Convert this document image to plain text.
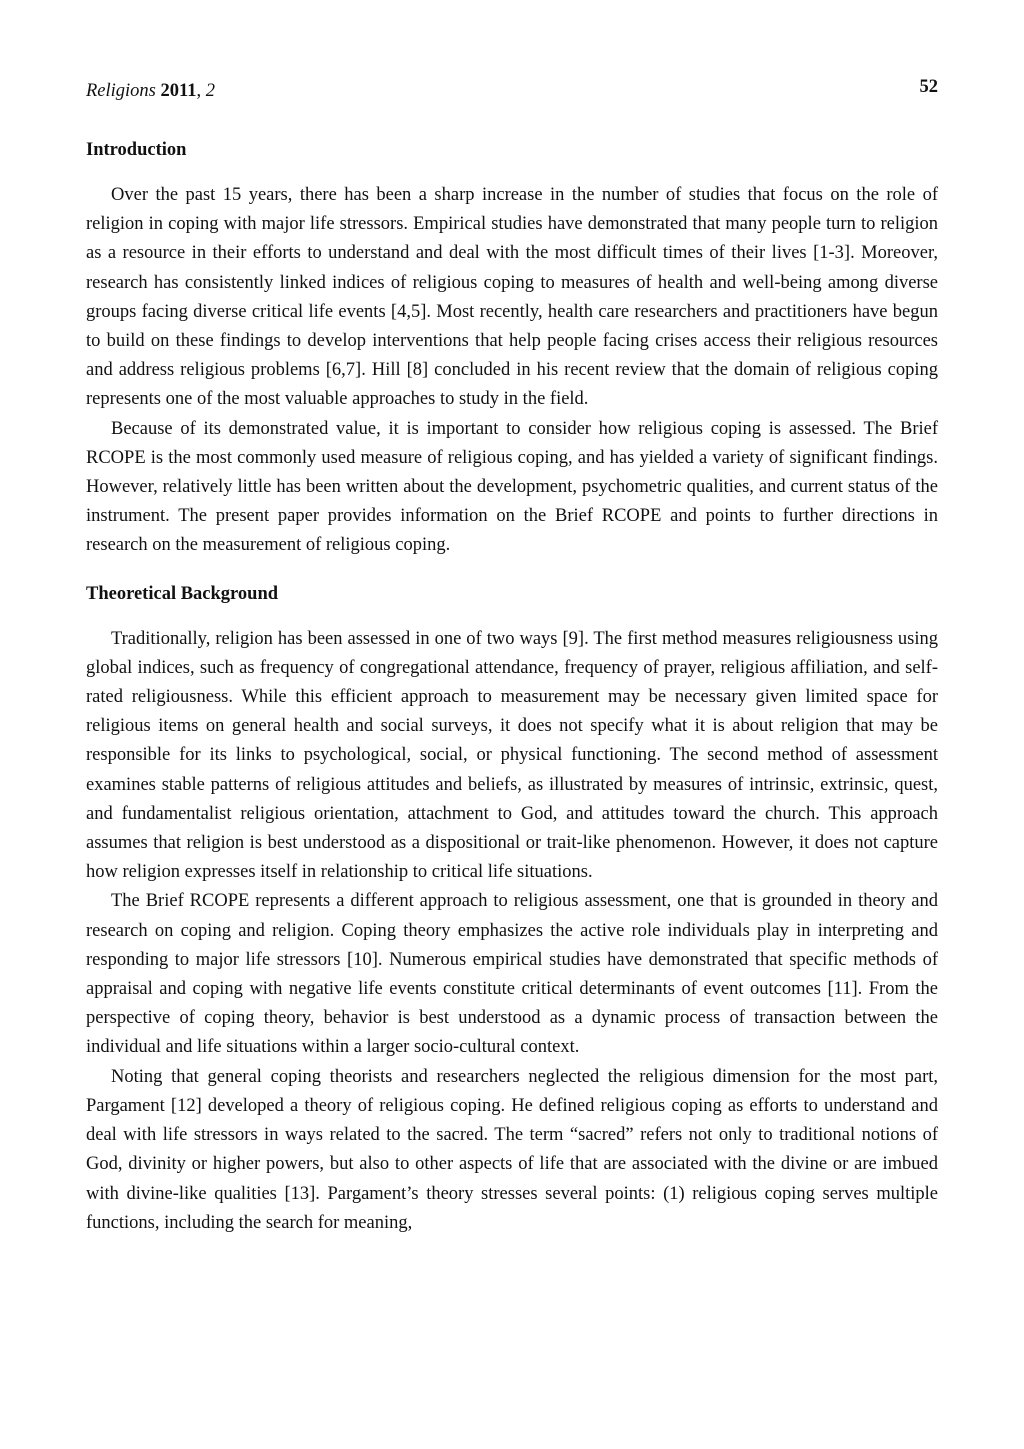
Religions 2011, 2	52
Introduction

Over the past 15 years, there has been a sharp increase in the number of studies that focus on the role of religion in coping with major life stressors. Empirical studies have demonstrated that many people turn to religion as a resource in their efforts to understand and deal with the most difficult times of their lives [1-3]. Moreover, research has consistently linked indices of religious coping to measures of health and well-being among diverse groups facing diverse critical life events [4,5]. Most recently, health care researchers and practitioners have begun to build on these findings to develop interventions that help people facing crises access their religious resources and address religious problems [6,7]. Hill [8] concluded in his recent review that the domain of religious coping represents one of the most valuable approaches to study in the field.

Because of its demonstrated value, it is important to consider how religious coping is assessed. The Brief RCOPE is the most commonly used measure of religious coping, and has yielded a variety of significant findings. However, relatively little has been written about the development, psychometric qualities, and current status of the instrument. The present paper provides information on the Brief RCOPE and points to further directions in research on the measurement of religious coping.

Theoretical Background

Traditionally, religion has been assessed in one of two ways [9]. The first method measures religiousness using global indices, such as frequency of congregational attendance, frequency of prayer, religious affiliation, and self-rated religiousness. While this efficient approach to measurement may be necessary given limited space for religious items on general health and social surveys, it does not specify what it is about religion that may be responsible for its links to psychological, social, or physical functioning. The second method of assessment examines stable patterns of religious attitudes and beliefs, as illustrated by measures of intrinsic, extrinsic, quest, and fundamentalist religious orientation, attachment to God, and attitudes toward the church. This approach assumes that religion is best understood as a dispositional or trait-like phenomenon. However, it does not capture how religion expresses itself in relationship to critical life situations.

The Brief RCOPE represents a different approach to religious assessment, one that is grounded in theory and research on coping and religion. Coping theory emphasizes the active role individuals play in interpreting and responding to major life stressors [10]. Numerous empirical studies have demonstrated that specific methods of appraisal and coping with negative life events constitute critical determinants of event outcomes [11]. From the perspective of coping theory, behavior is best understood as a dynamic process of transaction between the individual and life situations within a larger socio-cultural context.

Noting that general coping theorists and researchers neglected the religious dimension for the most part, Pargament [12] developed a theory of religious coping. He defined religious coping as efforts to understand and deal with life stressors in ways related to the sacred. The term “sacred” refers not only to traditional notions of God, divinity or higher powers, but also to other aspects of life that are associated with the divine or are imbued with divine-like qualities [13]. Pargament’s theory stresses several points: (1) religious coping serves multiple functions, including the search for meaning,
